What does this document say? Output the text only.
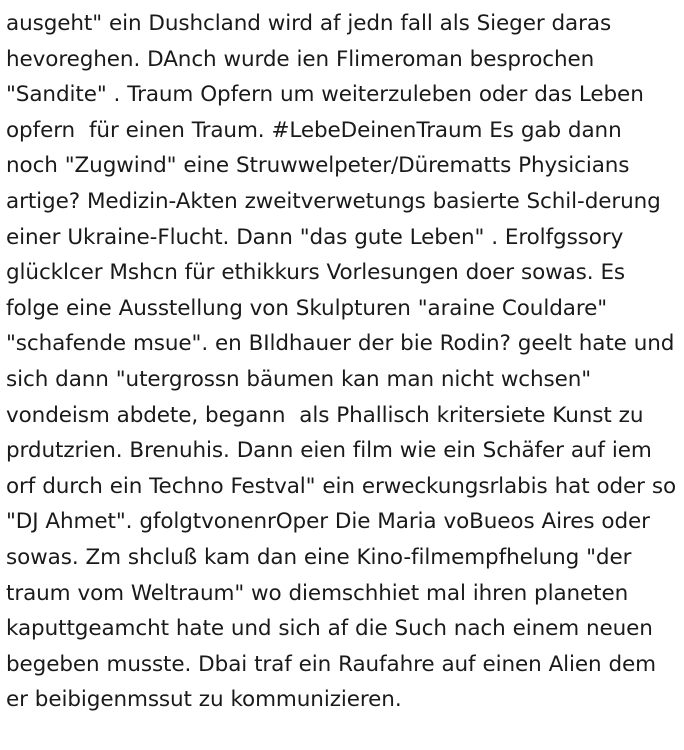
ausgeht" ein Dushcland wird af jedn fall als Sieger daras hevoreghen. DAnch wurde ien Flimeroman besprochen "Sandite" . Traum Opfern um weiterzuleben oder das Leben opfern  für einen Traum. #LebeDeinenTraum Es gab dann noch "Zugwind" eine Struwwelpeter/Dürematts Physicians artige? Medizin-Akten zweitverwetungs basierte Schil-derung einer Ukraine-Flucht. Dann "das gute Leben" . Erolfgssory glücklcer Mshcn für ethikkurs Vorlesungen doer sowas. Es folge eine Ausstellung von Skulpturen "araine Couldare"  "schafende msue". en BIldhauer der bie Rodin? geelt hate und sich dann "utergrossn bäumen kan man nicht wchsen" vondeism abdete, begann  als Phallisch kritersiete Kunst zu prdutzrien. Brenuhis. Dann eien film wie ein Schäfer auf iem orf durch ein Techno Festval" ein erweckungsrlabis hat oder so "DJ Ahmet". gfolgtvonenrOper Die Maria voBueos Aires oder sowas. Zm shcluß kam dan eine Kino-filmempfhelung "der traum vom Weltraum" wo diemschhiet mal ihren planeten kaputtgeamcht hate und sich af die Such nach einem neuen begeben musste. Dbai traf ein Raufahre auf einen Alien dem er beibigenmssut zu kommunizieren.
